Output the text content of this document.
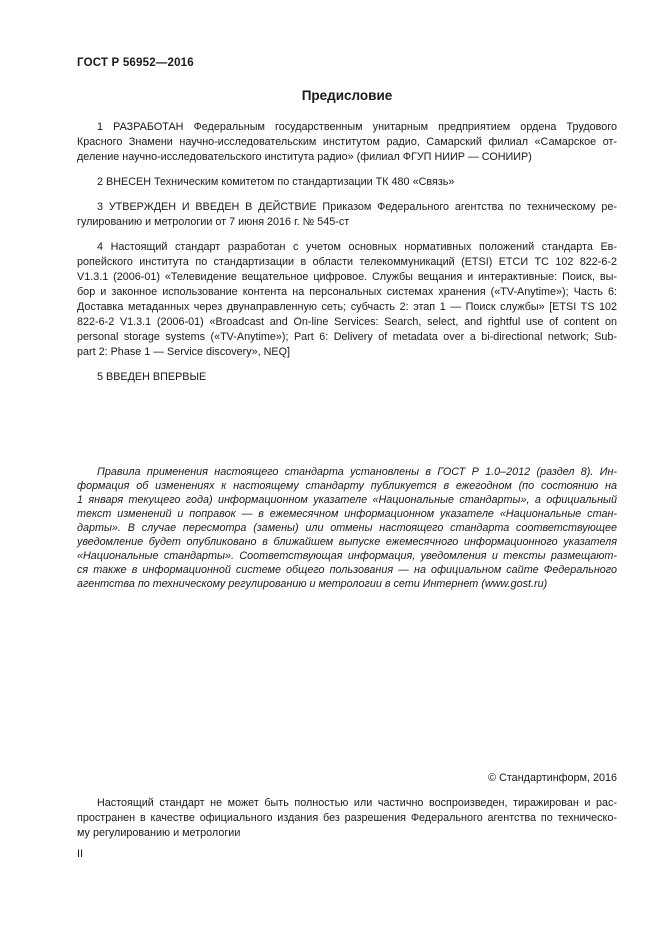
ГОСТ Р 56952—2016
Предисловие
1 РАЗРАБОТАН Федеральным государственным унитарным предприятием ордена Трудового
Красного Знамени научно-исследовательским институтом радио, Самарский филиал «Самарское от-
деление научно-исследовательского института радио» (филиал ФГУП НИИР — СОНИИР)
2 ВНЕСЕН Техническим комитетом по стандартизации ТК 480 «Связь»
3 УТВЕРЖДЕН И ВВЕДЕН В ДЕЙСТВИЕ Приказом Федерального агентства по техническому ре-
гулированию и метрологии от 7 июня 2016 г. № 545-ст
4 Настоящий стандарт разработан с учетом основных нормативных положений стандарта Ев-
ропейского института по стандартизации в области телекоммуникаций (ETSI) ЕТСИ ТС 102 822-6-2
V1.3.1 (2006-01) «Телевидение вещательное цифровое. Службы вещания и интерактивные: Поиск, вы-
бор и законное использование контента на персональных системах хранения («TV-Anytime»); Часть 6:
Доставка метаданных через двунаправленную сеть; субчасть 2: этап 1 — Поиск службы» [ETSI TS 102
822-6-2 V1.3.1 (2006-01) «Broadcast and On-line Services: Search, select, and rightful use of content on
personal storage systems («TV-Anytime»); Part 6: Delivery of metadata over a bi-directional network; Sub-
part 2: Phase 1 — Service discovery», NEQ]
5 ВВЕДЕН ВПЕРВЫЕ
Правила применения настоящего стандарта установлены в ГОСТ Р 1.0–2012 (раздел 8). Ин-
формация об изменениях к настоящему стандарту публикуется в ежегодном (по состоянию на
1 января текущего года) информационном указателе «Национальные стандарты», а официальный
текст изменений и поправок — в ежемесячном информационном указателе «Национальные стан-
дарты». В случае пересмотра (замены) или отмены настоящего стандарта соответствующее
уведомление будет опубликовано в ближайшем выпуске ежемесячного информационного указателя
«Национальные стандарты». Соответствующая информация, уведомления и тексты размещают-
ся также в информационной системе общего пользования — на официальном сайте Федерального
агентства по техническому регулированию и метрологии в сети Интернет (www.gost.ru)
© Стандартинформ, 2016
Настоящий стандарт не может быть полностью или частично воспроизведен, тиражирован и рас-
пространен в качестве официального издания без разрешения Федерального агентства по техническо-
му регулированию и метрологии
II
